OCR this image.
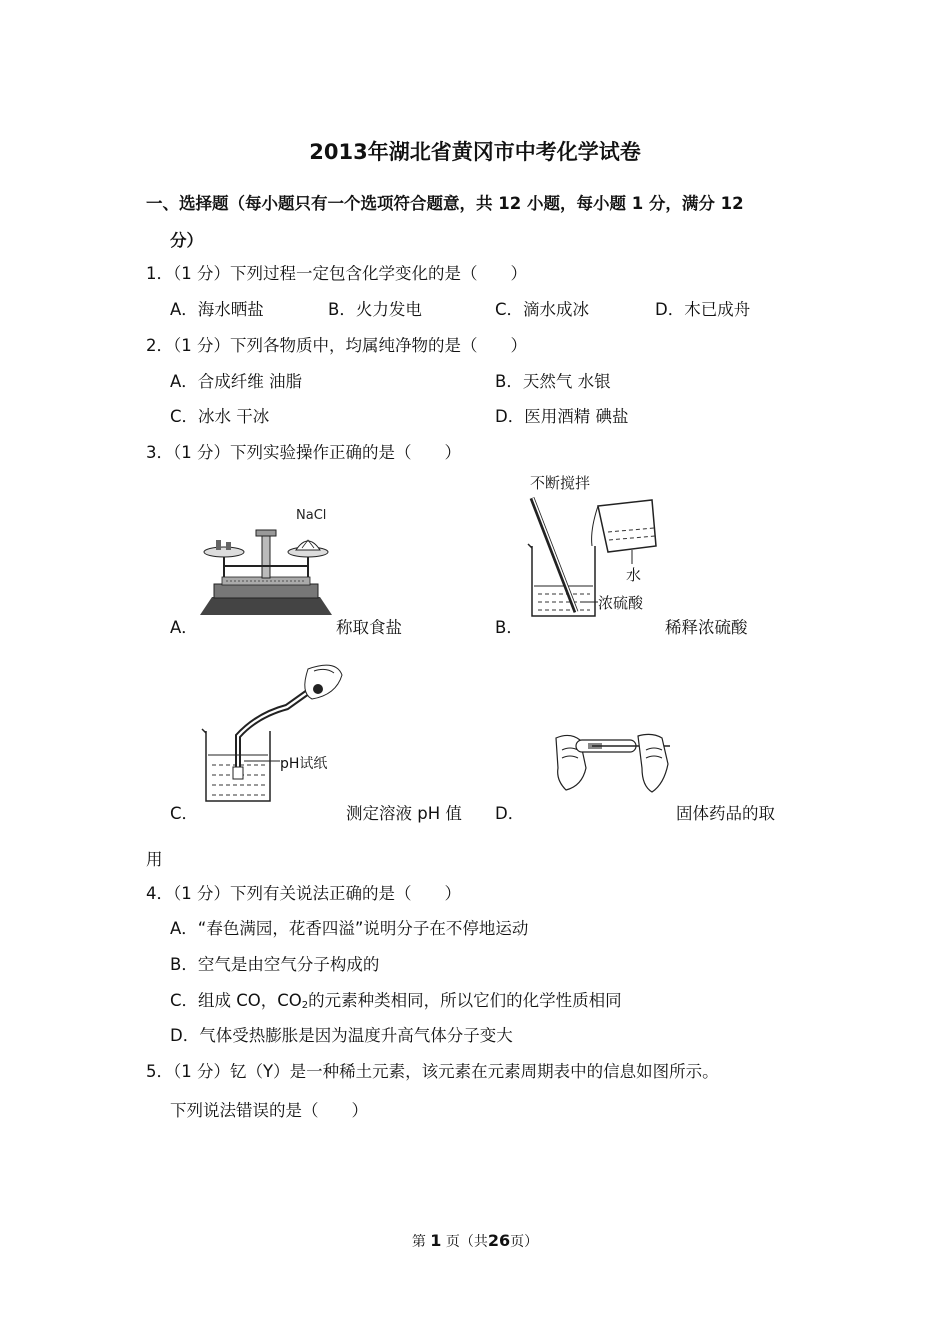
2013年湖北省黄冈市中考化学试卷
一、选择题（每小题只有一个选项符合题意，共 12 小题，每小题 1 分，满分 12
分）
1．（1 分）下列过程一定包含化学变化的是（　　）
A．海水晒盐	B．火力发电	C．滴水成冰	D．木已成舟
2．（1 分）下列各物质中，均属纯净物的是（　　）
A．合成纤维 油脂	B．天然气 水银
C．冰水 干冰	D．医用酒精 碘盐
3．（1 分）下列实验操作正确的是（　　）
A．
NaCl
称取食盐	B．
不断搅拌
水
浓硫酸
稀释浓硫酸
C．
pH试纸
测定溶液 pH 值 D．	固体药品的取
用
4．（1 分）下列有关说法正确的是（　　）
A．“春色满园，花香四溢”说明分子在不停地运动
B．空气是由空气分子构成的
C．组成 CO，$CO_2$的元素种类相同，所以它们的化学性质相同
D．气体受热膨胀是因为温度升高气体分子变大
5．（1 分）钇（Y）是一种稀土元素，该元素在元素周期表中的信息如图所示。
下列说法错误的是（　　）
第 1 页（共26页）
